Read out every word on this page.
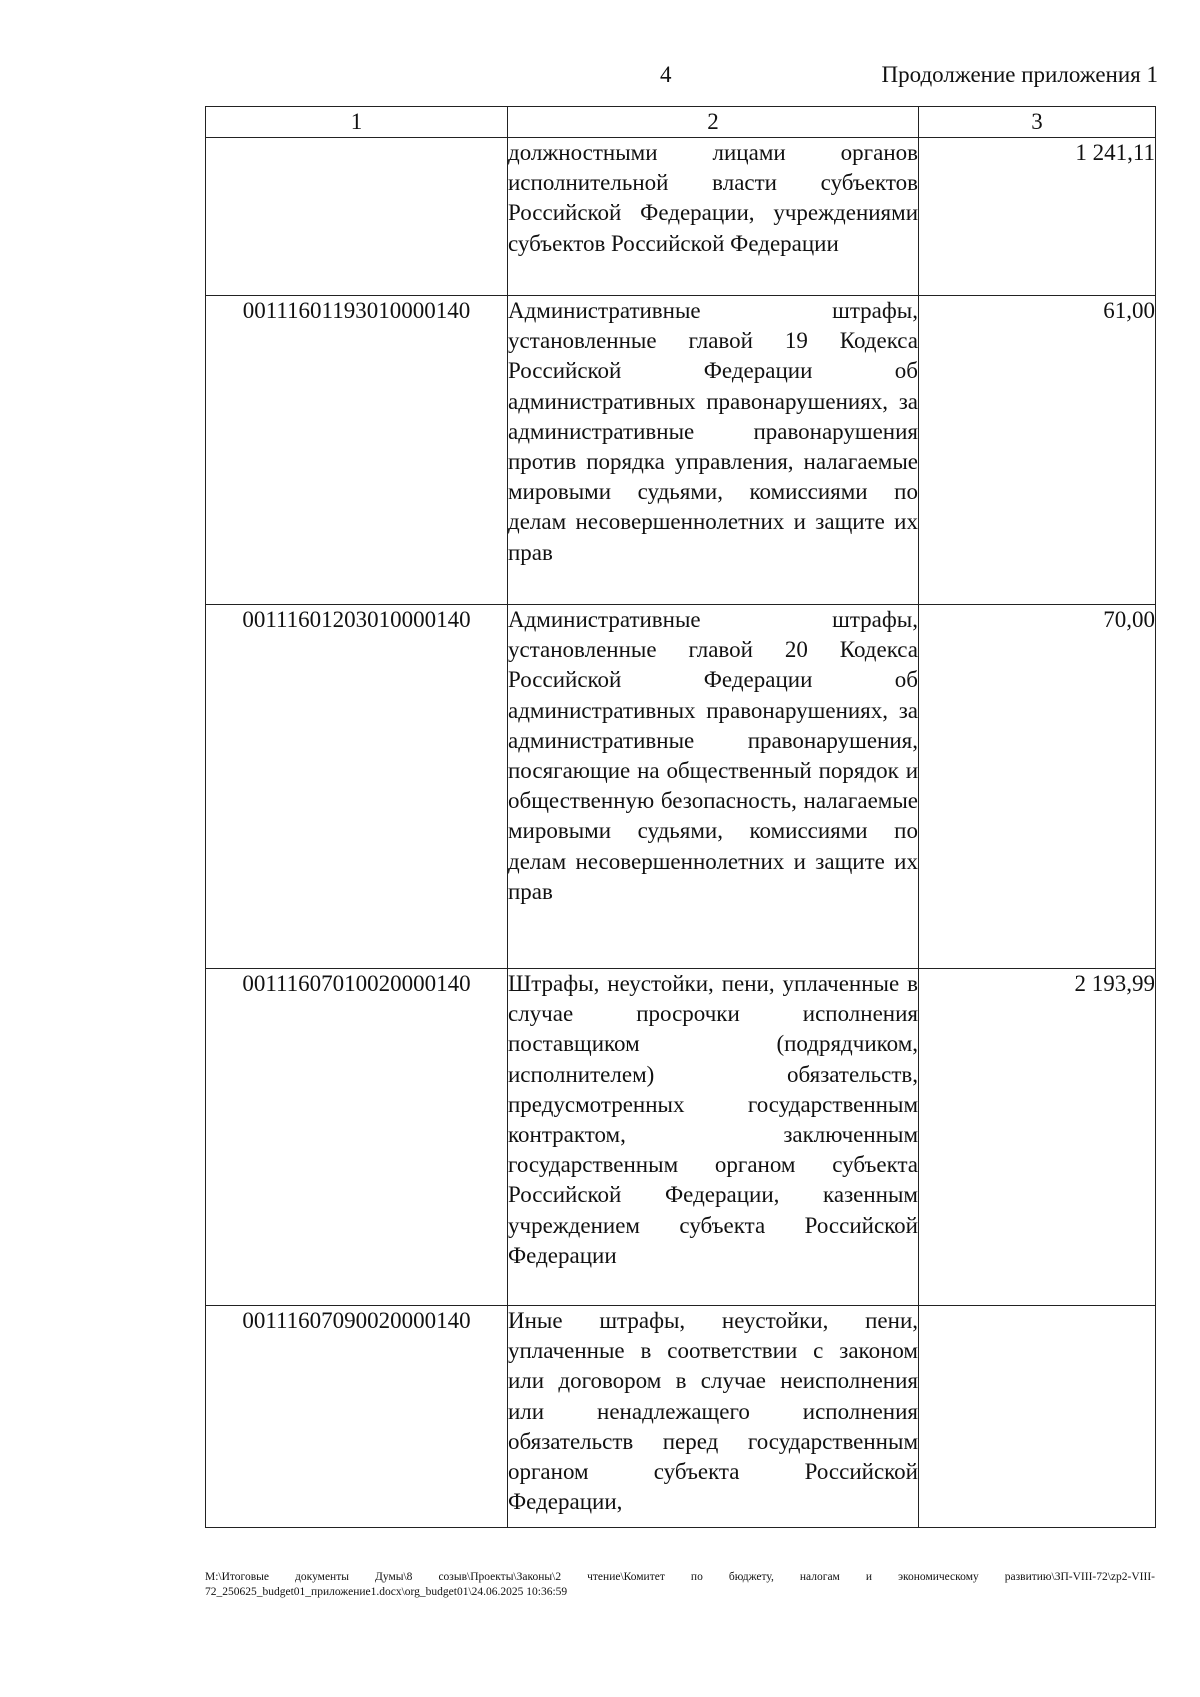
4	Продолжение приложения 1
1	2	3
	должностными лицами органов исполнительной власти субъектов Российской Федерации, учреждениями субъектов Российской Федерации	1 241,11
00111601193010000140	Административные штрафы, установленные главой 19 Кодекса Российской Федерации об административных правонарушениях, за административные правонарушения против порядка управления, налагаемые мировыми судьями, комиссиями по делам несовершеннолетних и защите их прав	61,00
00111601203010000140	Административные штрафы, установленные главой 20 Кодекса Российской Федерации об административных правонарушениях, за административные правонарушения, посягающие на общественный порядок и общественную безопасность, налагаемые мировыми судьями, комиссиями по делам несовершеннолетних и защите их прав	70,00
00111607010020000140	Штрафы, неустойки, пени, уплаченные в случае просрочки исполнения поставщиком (подрядчиком, исполнителем) обязательств, предусмотренных государственным контрактом, заключенным государственным органом субъекта Российской Федерации, казенным учреждением субъекта Российской Федерации	2 193,99
00111607090020000140	Иные штрафы, неустойки, пени, уплаченные в соответствии с законом или договором в случае неисполнения или ненадлежащего исполнения обязательств перед государственным органом субъекта Российской Федерации,	
M:\Итоговые документы Думы\8 созыв\Проекты\Законы\2 чтение\Комитет по бюджету, налогам и экономическому развитию\ЗП-VIII-72\zp2-VIII-72_250625_budget01_приложение1.docx\org_budget01\24.06.2025 10:36:59
